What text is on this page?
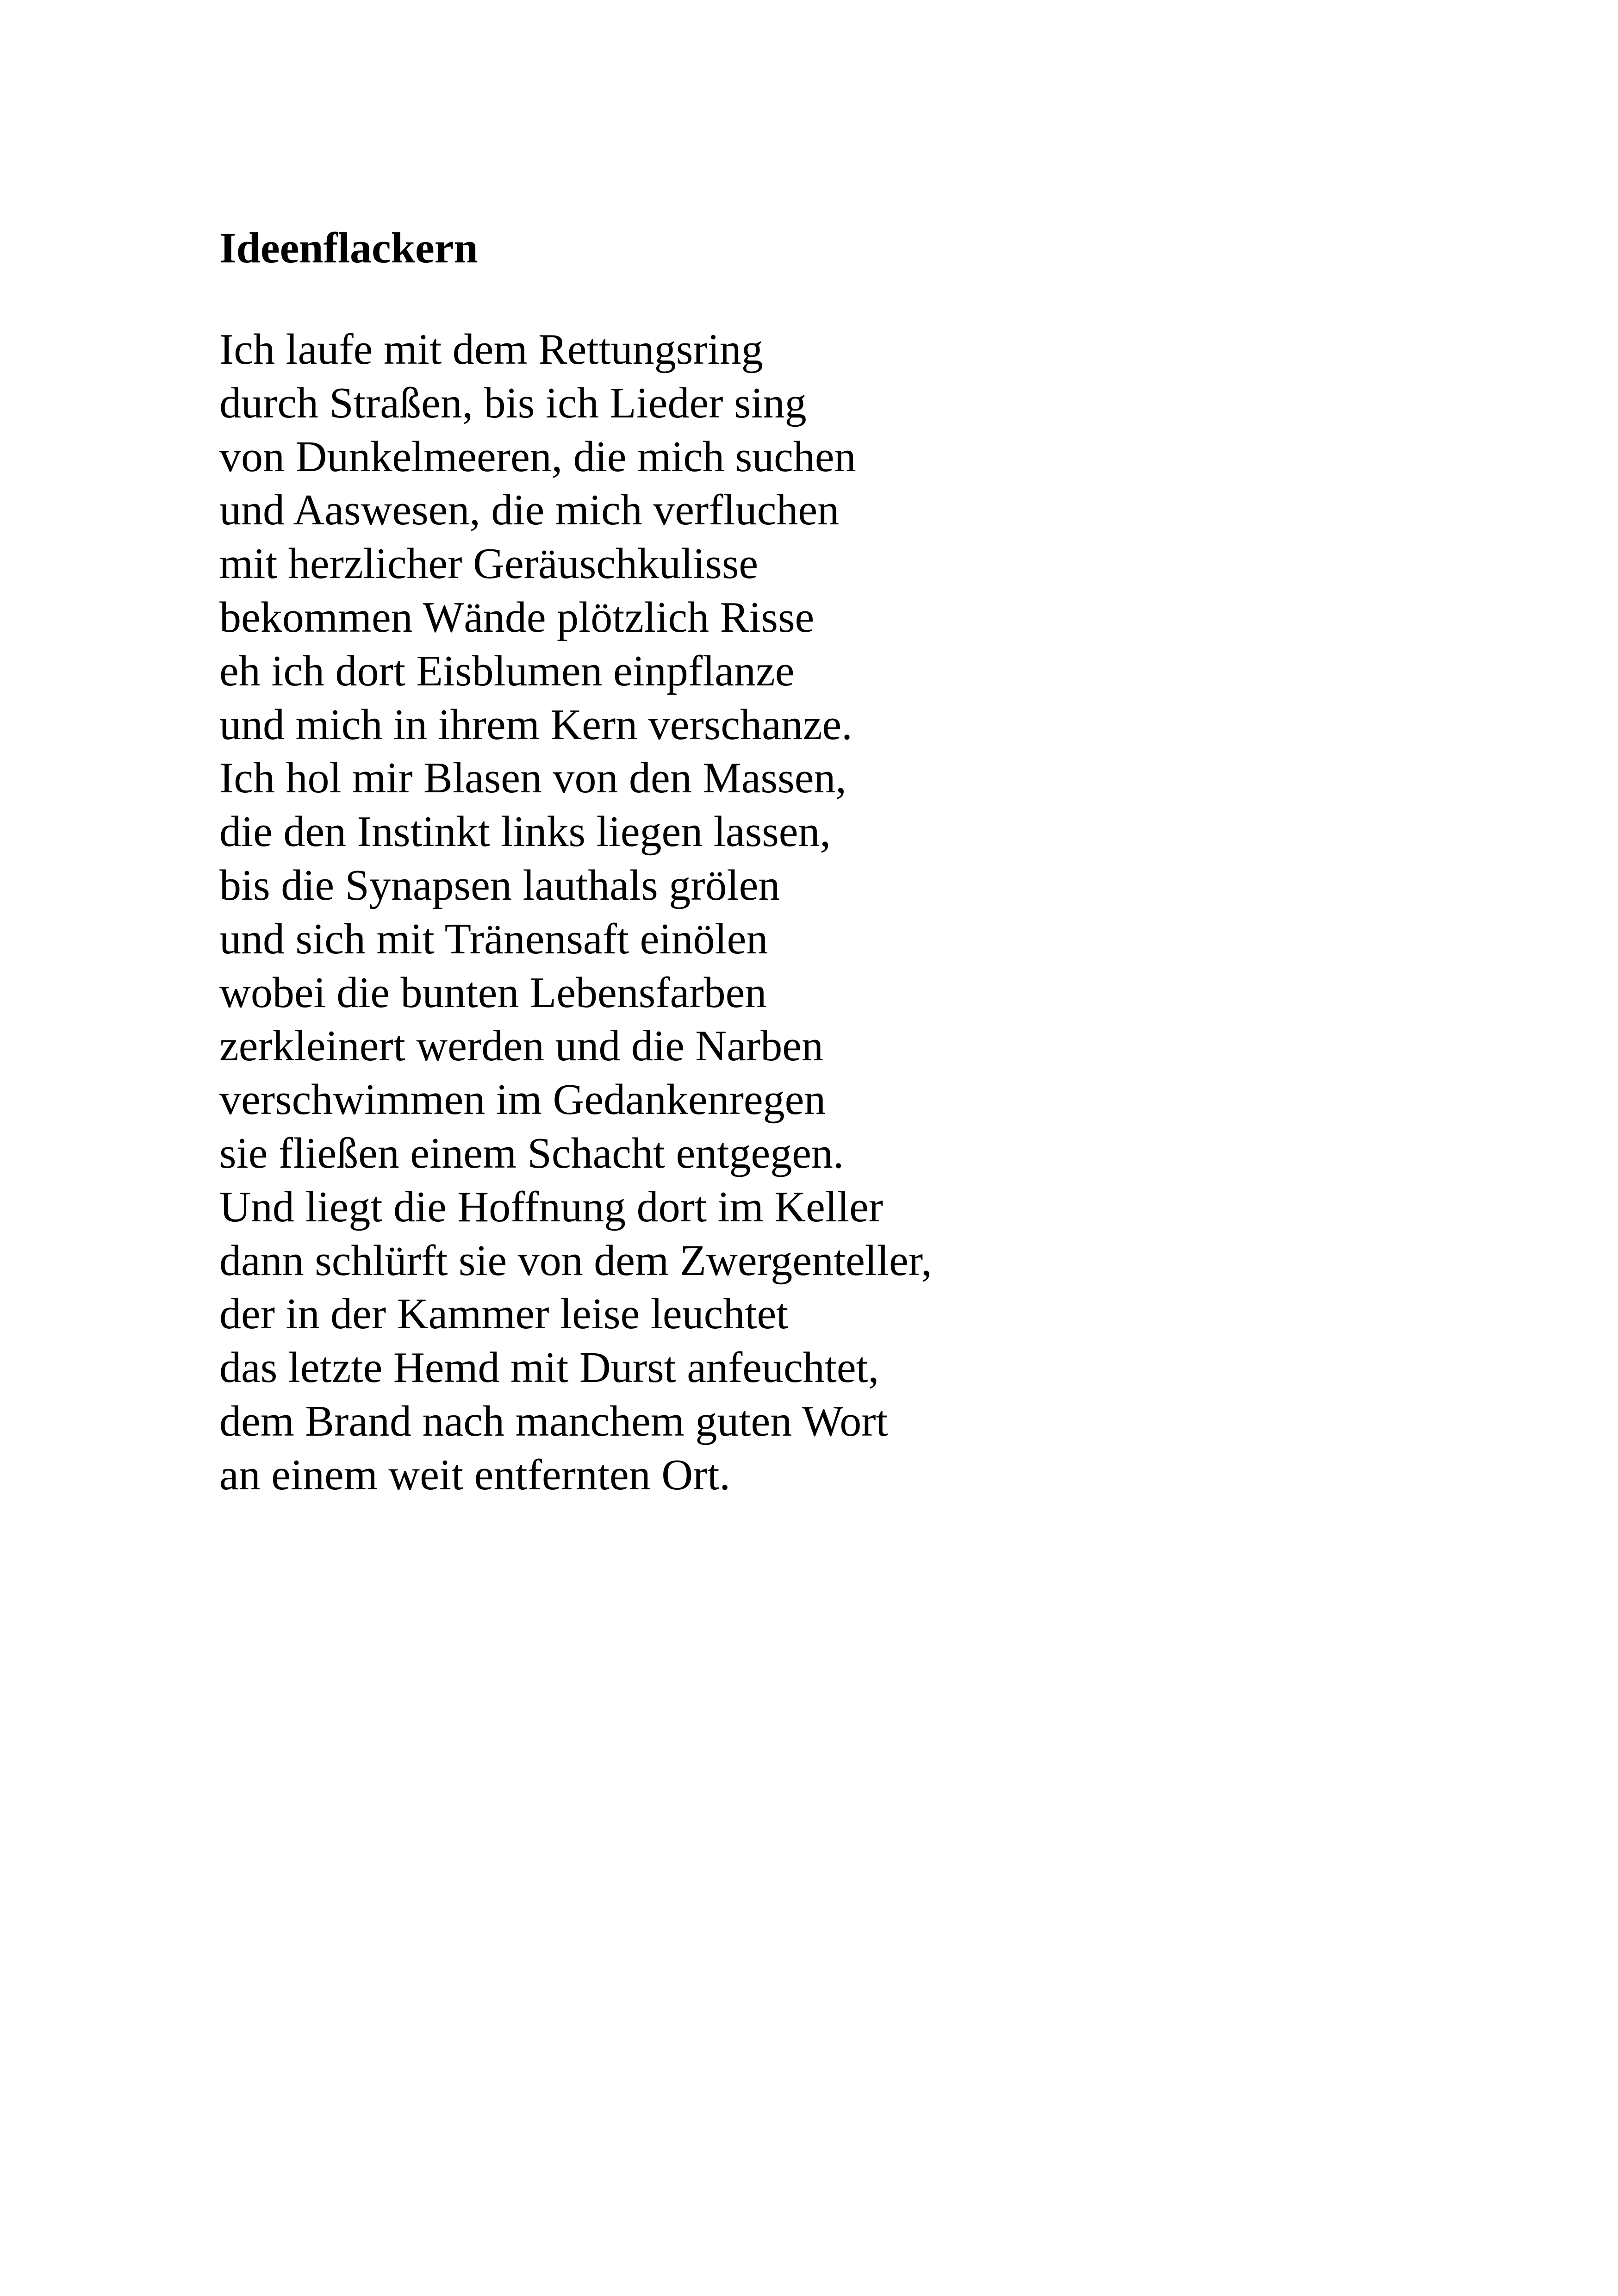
Ideenflackern
Ich laufe mit dem Rettungsring
durch Straßen, bis ich Lieder sing
von Dunkelmeeren, die mich suchen
und Aaswesen, die mich verfluchen
mit herzlicher Geräuschkulisse
bekommen Wände plötzlich Risse
eh ich dort Eisblumen einpflanze
und mich in ihrem Kern verschanze.
Ich hol mir Blasen von den Massen,
die den Instinkt links liegen lassen,
bis die Synapsen lauthals grölen
und sich mit Tränensaft einölen
wobei die bunten Lebensfarben
zerkleinert werden und die Narben
verschwimmen im Gedankenregen
sie fließen einem Schacht entgegen.
Und liegt die Hoffnung dort im Keller
dann schlürft sie von dem Zwergenteller,
der in der Kammer leise leuchtet
das letzte Hemd mit Durst anfeuchtet,
dem Brand nach manchem guten Wort
an einem weit entfernten Ort.
